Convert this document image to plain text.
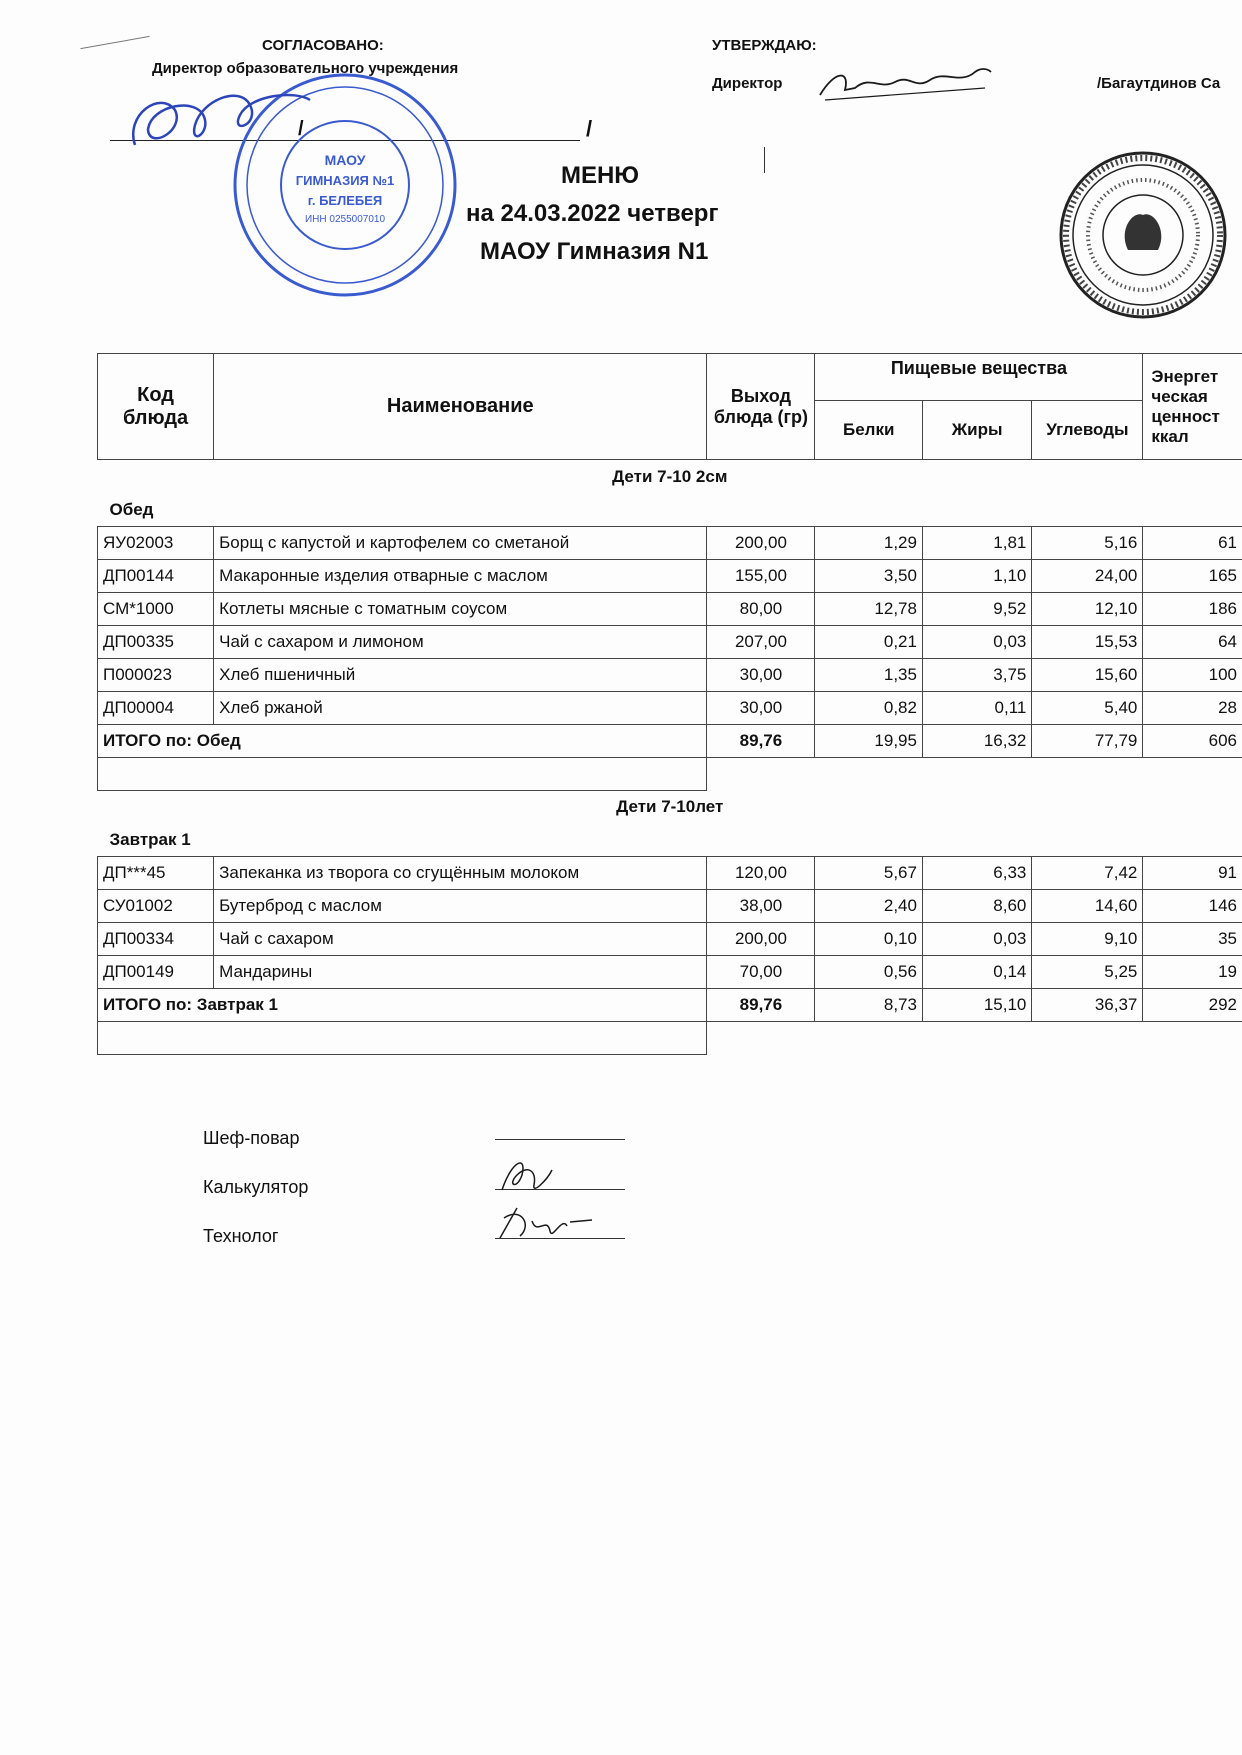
СОГЛАСОВАНО:
Директор образовательного учреждения
/	/
МАОУ
ГИМНАЗИЯ №1
г. БЕЛЕБЕЯ
ИНН 0255007010
УТВЕРЖДАЮ:
Директор	/Багаутдинов Са
МЕНЮ
на 24.03.2022 четверг
МАОУ Гимназия N1
Код блюда	Наименование	Выход блюда (гр)	Пищевые вещества			Энергет ческая ценност ккал
			Белки	Жиры	Углеводы	
Дети 7-10 2см						
Обед						
ЯУ02003	Борщ с капустой и картофелем со сметаной	200,00	1,29	1,81	5,16	61
ДП00144	Макаронные изделия отварные с маслом	155,00	3,50	1,10	24,00	165
СМ*1000	Котлеты мясные с томатным соусом	80,00	12,78	9,52	12,10	186
ДП00335	Чай с сахаром и лимоном	207,00	0,21	0,03	15,53	64
П000023	Хлеб пшеничный	30,00	1,35	3,75	15,60	100
ДП00004	Хлеб ржаной	30,00	0,82	0,11	5,40	28
ИТОГО по: Обед		89,76	19,95	16,32	77,79	606

Дети 7-10лет						
Завтрак 1						
ДП***45	Запеканка из творога со сгущённым молоком	120,00	5,67	6,33	7,42	91
СУ01002	Бутерброд с маслом	38,00	2,40	8,60	14,60	146
ДП00334	Чай с сахаром	200,00	0,10	0,03	9,10	35
ДП00149	Мандарины	70,00	0,56	0,14	5,25	19
ИТОГО по: Завтрак 1		89,76	8,73	15,10	36,37	292

Шеф-повар
Калькулятор
Технолог
